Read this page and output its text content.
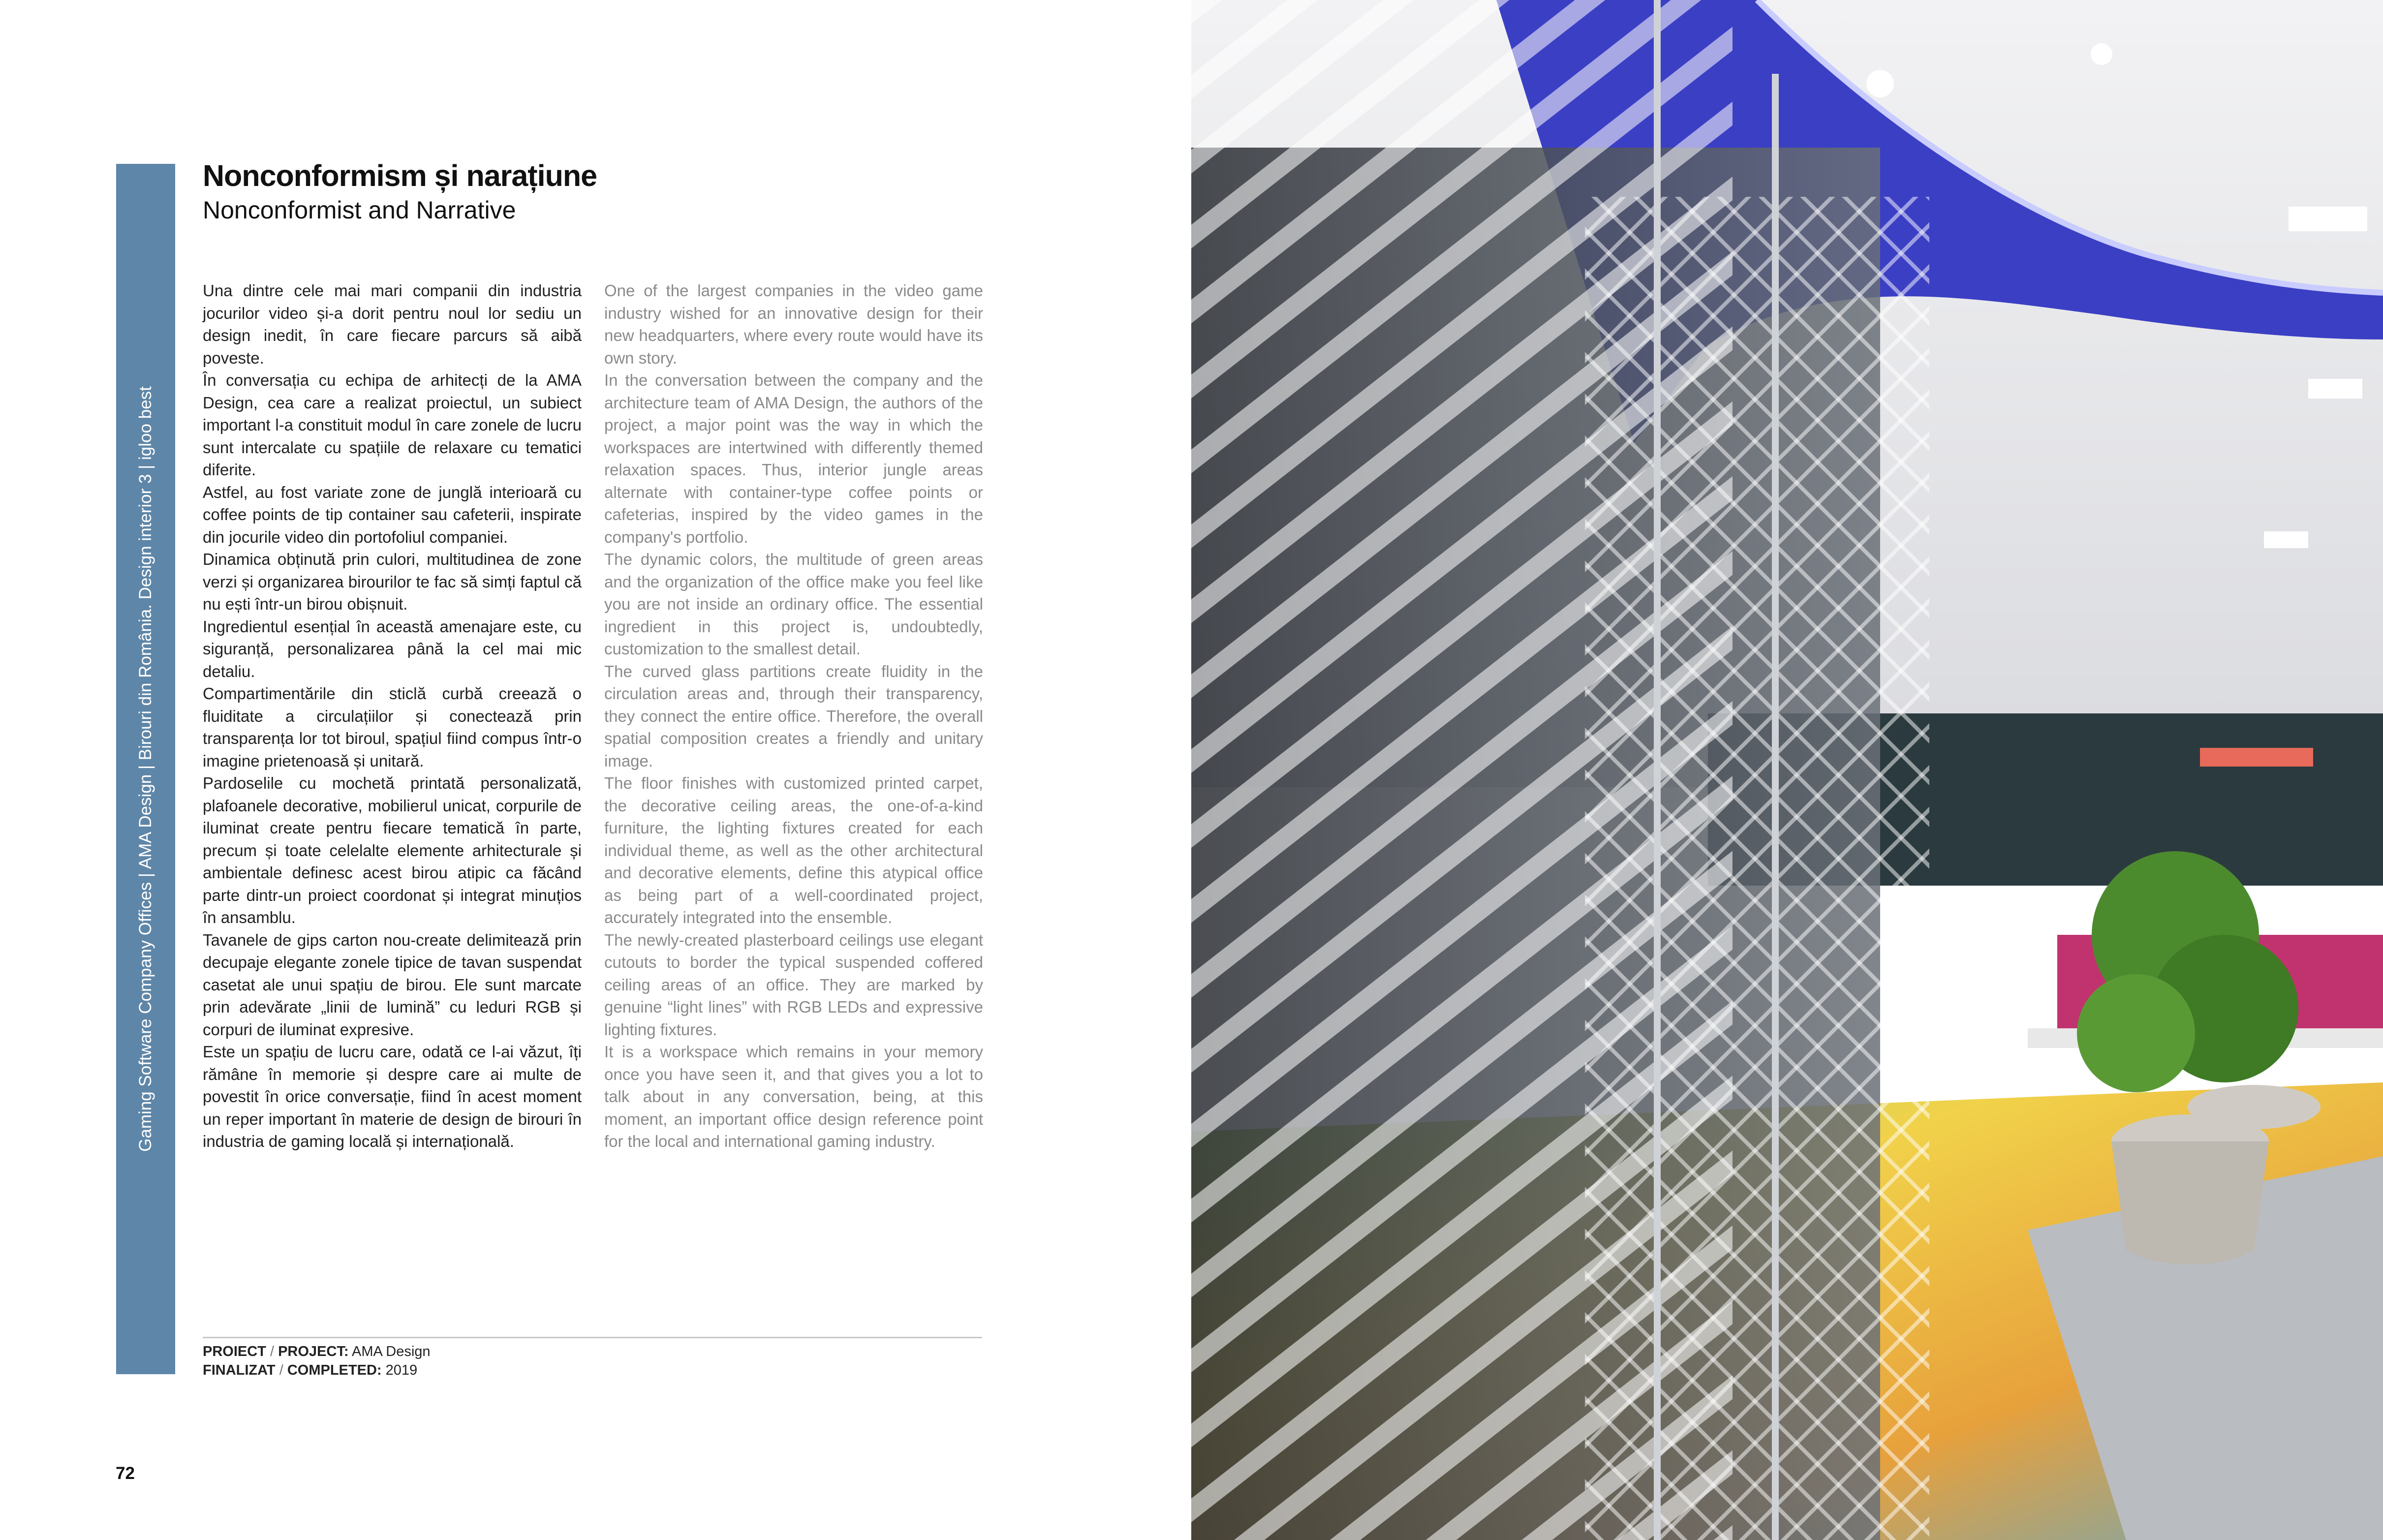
Gaming Software Company Offices | AMA Design | Birouri din România. Design interior 3 | igloo best
Nonconformism și narațiune
Nonconformist and Narrative

Una dintre cele mai mari companii din industria jocurilor video și-a dorit pentru noul lor sediu un design inedit, în care fiecare parcurs să aibă poveste.

În conversația cu echipa de arhitecți de la AMA Design, cea care a realizat proiectul, un subiect important l-a constituit modul în care zonele de lucru sunt intercalate cu spațiile de relaxare cu tematici diferite.

Astfel, au fost variate zone de junglă interioară cu coffee points de tip container sau cafeterii, inspirate din jocurile video din portofoliul companiei.

Dinamica obținută prin culori, multitudinea de zone verzi și organizarea birourilor te fac să simți faptul că nu ești într-un birou obișnuit.

Ingredientul esențial în această amenajare este, cu siguranță, personalizarea până la cel mai mic detaliu.

Compartimentările din sticlă curbă creează o fluiditate a circulațiilor și conectează prin transparența lor tot biroul, spațiul fiind compus într-o imagine prietenoasă și unitară.

Pardoselile cu mochetă printată personalizată, plafoanele decorative, mobilierul unicat, corpurile de iluminat create pentru fiecare tematică în parte, precum și toate celelalte elemente arhitecturale și ambientale definesc acest birou atipic ca făcând parte dintr-un proiect coordonat și integrat minuțios în ansamblu.

Tavanele de gips carton nou-create delimitează prin decupaje elegante zonele tipice de tavan suspendat casetat ale unui spațiu de birou. Ele sunt marcate prin adevărate „linii de lumină” cu leduri RGB și corpuri de iluminat expresive.

Este un spațiu de lucru care, odată ce l-ai văzut, îți rămâne în memorie și despre care ai multe de povestit în orice conversație, fiind în acest moment un reper important în materie de design de birouri în industria de gaming locală și internațională.

One of the largest companies in the video game industry wished for an innovative design for their new headquarters, where every route would have its own story.

In the conversation between the company and the architecture team of AMA Design, the authors of the project, a major point was the way in which the workspaces are intertwined with differently themed relaxation spaces. Thus, interior jungle areas alternate with container-type coffee points or cafeterias, inspired by the video games in the company's portfolio.

The dynamic colors, the multitude of green areas and the organization of the office make you feel like you are not inside an ordinary office. The essential ingredient in this project is, undoubtedly, customization to the smallest detail.

The curved glass partitions create fluidity in the circulation areas and, through their transparency, they connect the entire office. Therefore, the overall spatial composition creates a friendly and unitary image.

The floor finishes with customized printed carpet, the decorative ceiling areas, the one-of-a-kind furniture, the lighting fixtures created for each individual theme, as well as the other architectural and decorative elements, define this atypical office as being part of a well-coordinated project, accurately integrated into the ensemble.

The newly-created plasterboard ceilings use elegant cutouts to border the typical suspended coffered ceiling areas of an office. They are marked by genuine “light lines” with RGB LEDs and expressive lighting fixtures.

It is a workspace which remains in your memory once you have seen it, and that gives you a lot to talk about in any conversation, being, at this moment, an important office design reference point for the local and international gaming industry.

PROIECT / PROJECT: AMA Design
FINALIZAT / COMPLETED: 2019
72
